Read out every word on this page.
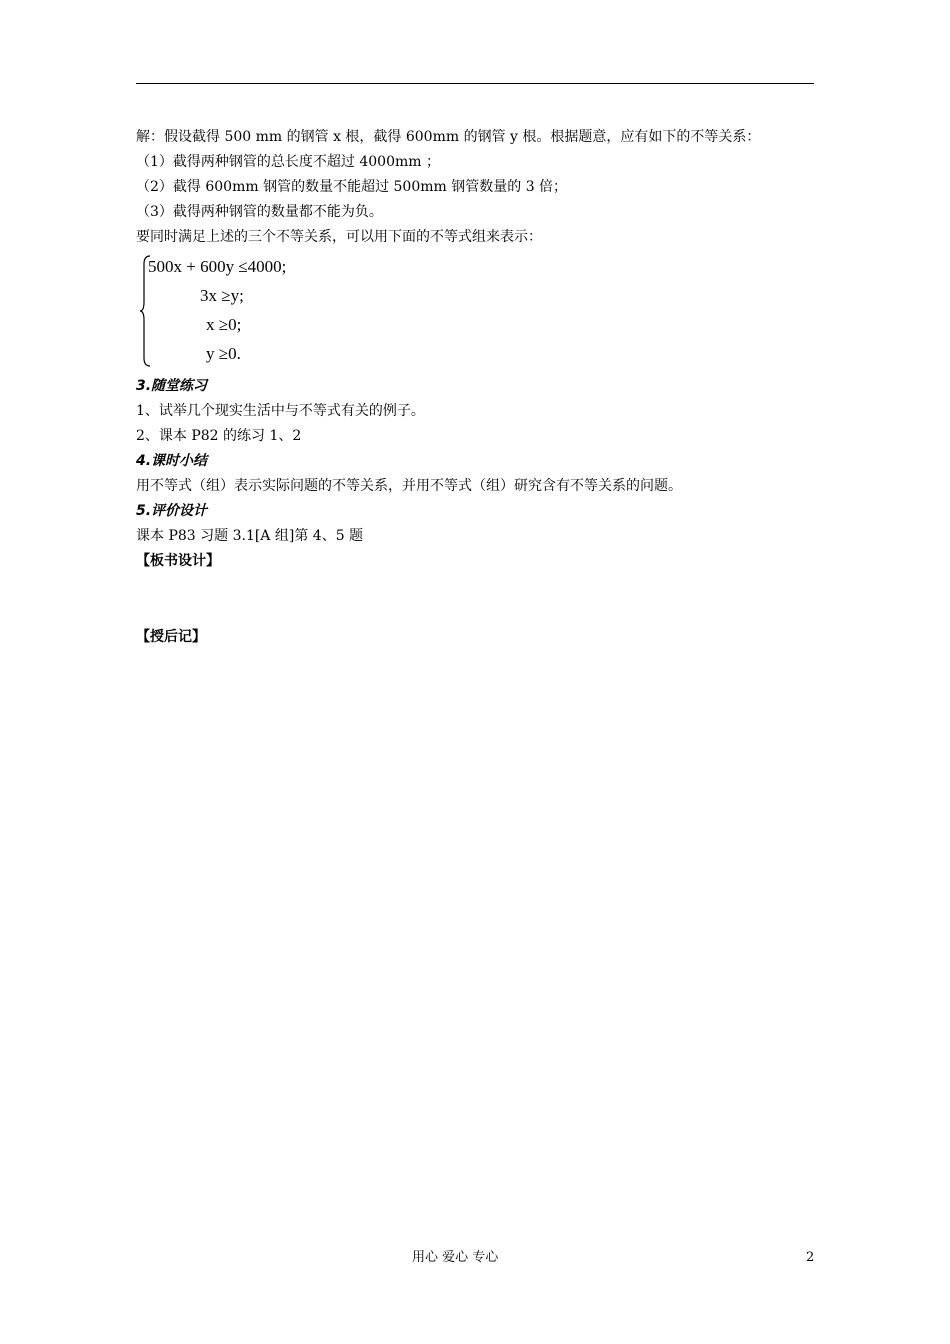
解：假设截得 500 mm 的钢管 x 根，截得 600mm 的钢管 y 根。根据题意，应有如下的不等关系：
（1）截得两种钢管的总长度不超过 4000mm ；
（2）截得 600mm 钢管的数量不能超过 500mm 钢管数量的 3 倍；
（3）截得两种钢管的数量都不能为负。
要同时满足上述的三个不等关系，可以用下面的不等式组来表示：
500x + 600y ≤4000;
3x ≥y;
x ≥0;
y ≥0.
3.随堂练习
1、试举几个现实生活中与不等式有关的例子。
2、课本 P82 的练习 1、2
4.课时小结
用不等式（组）表示实际问题的不等关系，并用不等式（组）研究含有不等关系的问题。
5.评价设计
课本 P83 习题 3.1[A 组]第 4、5 题
【板书设计】
【授后记】
用心 爱心 专心	2
